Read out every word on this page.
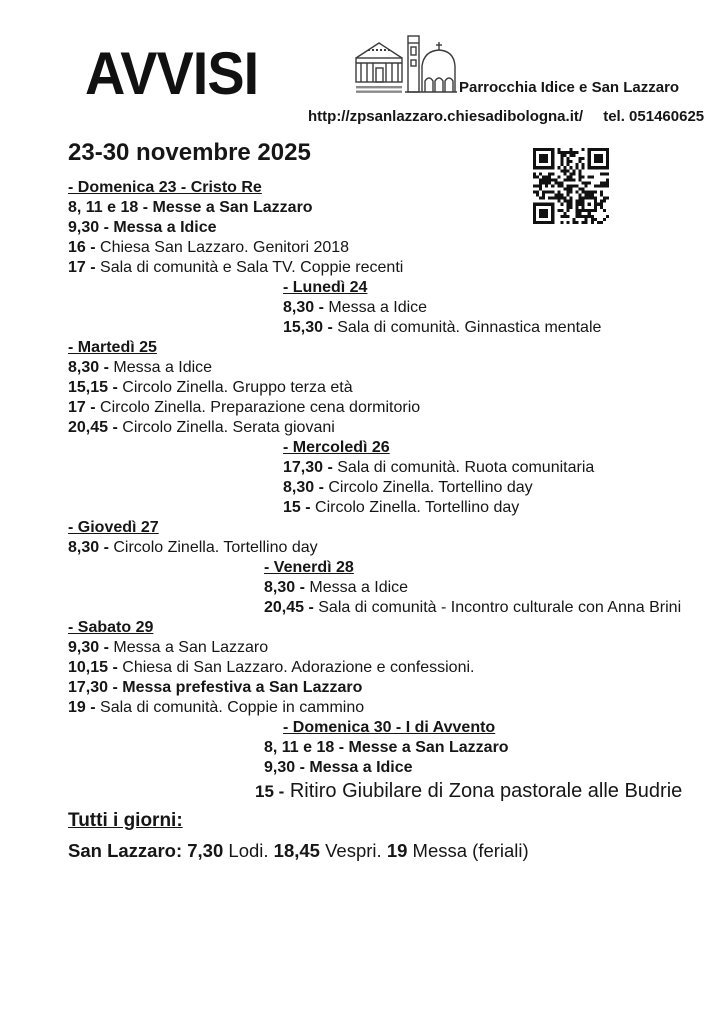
AVVISI	Parrocchia Idice e San Lazzaro
http://zpsanlazzaro.chiesadibologna.it/ tel. 051460625
23-30 novembre 2025
- Domenica 23 - Cristo Re
8, 11 e 18 - Messe a San Lazzaro
9,30 - Messa a Idice
16 - Chiesa San Lazzaro. Genitori 2018
17 - Sala di comunità e Sala TV. Coppie recenti
- Lunedì 24
8,30 - Messa a Idice
15,30 - Sala di comunità. Ginnastica mentale
- Martedì 25
8,30 - Messa a Idice
15,15 - Circolo Zinella. Gruppo terza età
17 - Circolo Zinella. Preparazione cena dormitorio
20,45 - Circolo Zinella. Serata giovani
- Mercoledì 26
17,30 - Sala di comunità. Ruota comunitaria
8,30 - Circolo Zinella. Tortellino day
15 - Circolo Zinella. Tortellino day
- Giovedì 27
8,30 - Circolo Zinella. Tortellino day
- Venerdì 28
8,30 - Messa a Idice
20,45 - Sala di comunità - Incontro culturale con Anna Brini
- Sabato 29
9,30 - Messa a San Lazzaro
10,15 - Chiesa di San Lazzaro. Adorazione e confessioni.
17,30 - Messa prefestiva a San Lazzaro
19 - Sala di comunità. Coppie in cammino
- Domenica 30 - I di Avvento
8, 11 e 18 - Messe a San Lazzaro
9,30 - Messa a Idice
15 - Ritiro Giubilare di Zona pastorale alle Budrie
Tutti i giorni:
San Lazzaro: 7,30 Lodi. 18,45 Vespri. 19 Messa (feriali)
